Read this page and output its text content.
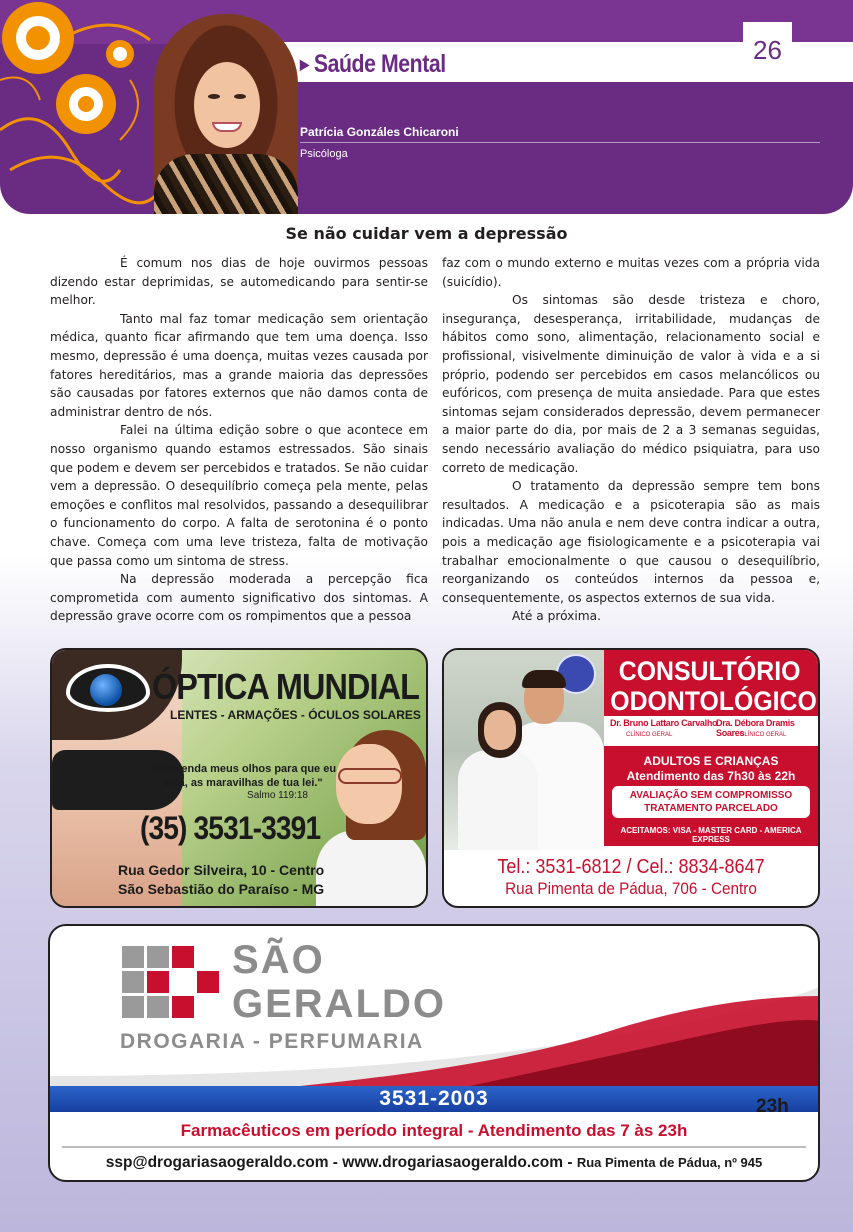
▶ Saúde Mental	26
Patrícia Gonzáles Chicaroni
Psicóloga
Se não cuidar vem a depressão

É comum nos dias de hoje ouvirmos pessoas dizendo estar deprimidas, se automedicando para sentir-se melhor.

Tanto mal faz tomar medicação sem orientação médica, quanto ficar afirmando que tem uma doença. Isso mesmo, depressão é uma doença, muitas vezes causada por fatores hereditários, mas a grande maioria das depressões são causadas por fatores externos que não damos conta de administrar dentro de nós.

Falei na última edição sobre o que acontece em nosso organismo quando estamos estressados. São sinais que podem e devem ser percebidos e tratados. Se não cuidar vem a depressão. O desequilíbrio começa pela mente, pelas emoções e conflitos mal resolvidos, passando a desequilibrar o funcionamento do corpo. A falta de serotonina é o ponto chave. Começa com uma leve tristeza, falta de motivação que passa como um sintoma de stress.

Na depressão moderada a percepção fica comprometida com aumento significativo dos sintomas. A depressão grave ocorre com os rompimentos que a pessoa

faz com o mundo externo e muitas vezes com a própria vida (suicídio).

Os sintomas são desde tristeza e choro, insegurança, desesperança, irritabilidade, mudanças de hábitos como sono, alimentação, relacionamento social e profissional, visivelmente diminuição de valor à vida e a si próprio, podendo ser percebidos em casos melancólicos ou eufóricos, com presença de muita ansiedade. Para que estes sintomas sejam considerados depressão, devem permanecer a maior parte do dia, por mais de 2 a 3 semanas seguidas, sendo necessário avaliação do médico psiquiatra, para uso correto de medicação.

O tratamento da depressão sempre tem bons resultados. A medicação e a psicoterapia são as mais indicadas. Uma não anula e nem deve contra indicar a outra, pois a medicação age fisiologicamente e a psicoterapia vai trabalhar emocionalmente o que causou o desequilíbrio, reorganizando os conteúdos internos da pessoa e, consequentemente, os aspectos externos de sua vida.

Até a próxima.

ÓPTICA MUNDIAL
LENTES - ARMAÇÕES - ÓCULOS SOLARES
"Desvenda meus olhos para que eu veja, as maravilhas de tua lei."
Salmo 119:18
(35) 3531-3391
Rua Gedor Silveira, 10 - Centro
São Sebastião do Paraíso - MG
CONSULTÓRIO
ODONTOLÓGICO
Dr. Bruno Lattaro Carvalho
Dra. Débora Dramis Soares
CLÍNICO GERAL	CLÍNICO GERAL
ADULTOS E CRIANÇAS
Atendimento das 7h30 às 22h
AVALIAÇÃO SEM COMPROMISSO
TRATAMENTO PARCELADO
ACEITAMOS: VISA - MASTER CARD - AMERICA EXPRESS
Tel.: 3531-6812 / Cel.: 8834-8647
Rua Pimenta de Pádua, 706 - Centro
SÃO
GERALDO
DROGARIA - PERFUMARIA
3531-2003	23h
Farmacêuticos em período integral - Atendimento das 7 às 23h
ssp@drogariasaogeraldo.com - www.drogariasaogeraldo.com - Rua Pimenta de Pádua, nº 945
